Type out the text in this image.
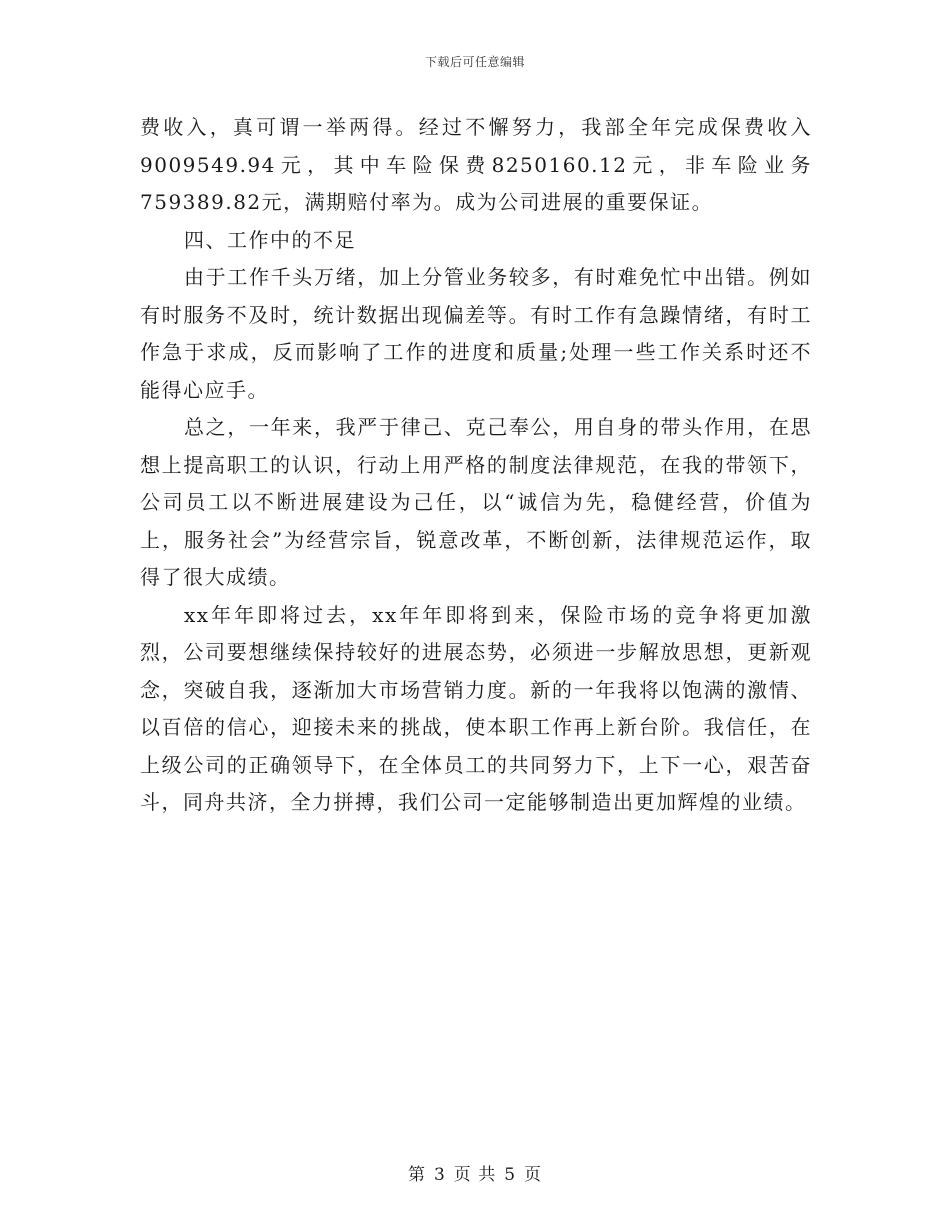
下载后可任意编辑

费收入，真可谓一举两得。经过不懈努力，我部全年完成保费收入9009549.94元，其中车险保费8250160.12元，非车险业务759389.82元，满期赔付率为。成为公司进展的重要保证。

四、工作中的不足

由于工作千头万绪，加上分管业务较多，有时难免忙中出错。例如有时服务不及时，统计数据出现偏差等。有时工作有急躁情绪，有时工作急于求成，反而影响了工作的进度和质量;处理一些工作关系时还不能得心应手。

总之，一年来，我严于律己、克己奉公，用自身的带头作用，在思想上提高职工的认识，行动上用严格的制度法律规范，在我的带领下，公司员工以不断进展建设为己任，以“诚信为先，稳健经营，价值为上，服务社会”为经营宗旨，锐意改革，不断创新，法律规范运作，取得了很大成绩。

xx年年即将过去，xx年年即将到来，保险市场的竞争将更加激烈，公司要想继续保持较好的进展态势，必须进一步解放思想，更新观念，突破自我，逐渐加大市场营销力度。新的一年我将以饱满的激情、以百倍的信心，迎接未来的挑战，使本职工作再上新台阶。我信任，在上级公司的正确领导下，在全体员工的共同努力下，上下一心，艰苦奋斗，同舟共济，全力拼搏，我们公司一定能够制造出更加辉煌的业绩。

第 3 页 共 5 页
